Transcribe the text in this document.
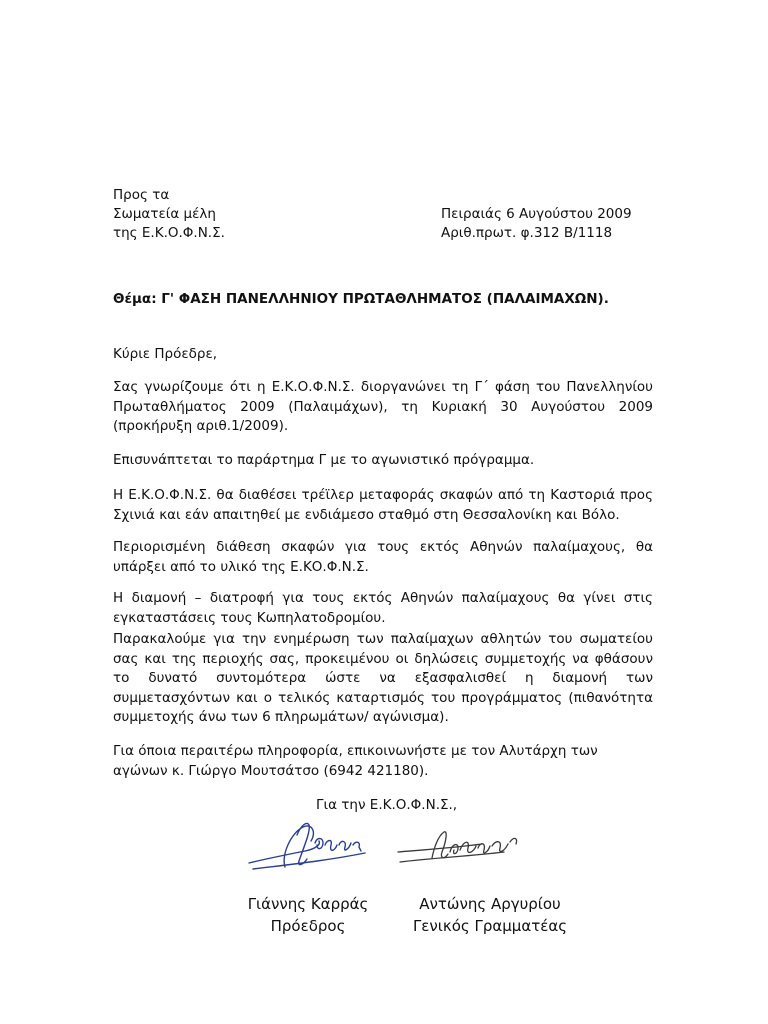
Προς τα
Σωματεία μέλη
της Ε.Κ.Ο.Φ.Ν.Σ.
Πειραιάς 6 Αυγούστου 2009
Αριθ.πρωτ. φ.312 Β/1118
Θέμα: Γ' ΦΑΣΗ ΠΑΝΕΛΛΗΝΙΟΥ ΠΡΩΤΑΘΛΗΜΑΤΟΣ (ΠΑΛΑΙΜΑΧΩΝ).
Κύριε Πρόεδρε,
Σας γνωρίζουμε ότι η Ε.Κ.Ο.Φ.Ν.Σ. διοργανώνει τη Γ΄ φάση του Πανελληνίου
Πρωταθλήματος 2009 (Παλαιμάχων), τη Κυριακή 30 Αυγούστου 2009
(προκήρυξη αριθ.1/2009).
Επισυνάπτεται το παράρτημα Γ με το αγωνιστικό πρόγραμμα.
Η Ε.Κ.Ο.Φ.Ν.Σ. θα διαθέσει τρέϊλερ μεταφοράς σκαφών από τη Καστοριά προς
Σχινιά και εάν απαιτηθεί με ενδιάμεσο σταθμό στη Θεσσαλονίκη και Βόλο.
Περιορισμένη διάθεση σκαφών για τους εκτός Αθηνών παλαίμαχους, θα
υπάρξει από το υλικό της Ε.ΚΟ.Φ.Ν.Σ.
Η διαμονή – διατροφή για τους εκτός Αθηνών παλαίμαχους θα γίνει στις
εγκαταστάσεις τους Κωπηλατοδρομίου.
Παρακαλούμε για την ενημέρωση των παλαίμαχων αθλητών του σωματείου
σας και της περιοχής σας, προκειμένου οι δηλώσεις συμμετοχής να φθάσουν
το δυνατό συντομότερα ώστε να εξασφαλισθεί η διαμονή των
συμμετασχόντων και ο τελικός καταρτισμός του προγράμματος (πιθανότητα
συμμετοχής άνω των 6 πληρωμάτων/ αγώνισμα).
Για όποια περαιτέρω πληροφορία, επικοινωνήστε με τον Αλυτάρχη των
αγώνων κ. Γιώργο Μουτσάτσο (6942 421180).
Για την Ε.Κ.Ο.Φ.Ν.Σ.,
Γιάννης Καρράς
Πρόεδρος
Αντώνης Αργυρίου
Γενικός Γραμματέας
